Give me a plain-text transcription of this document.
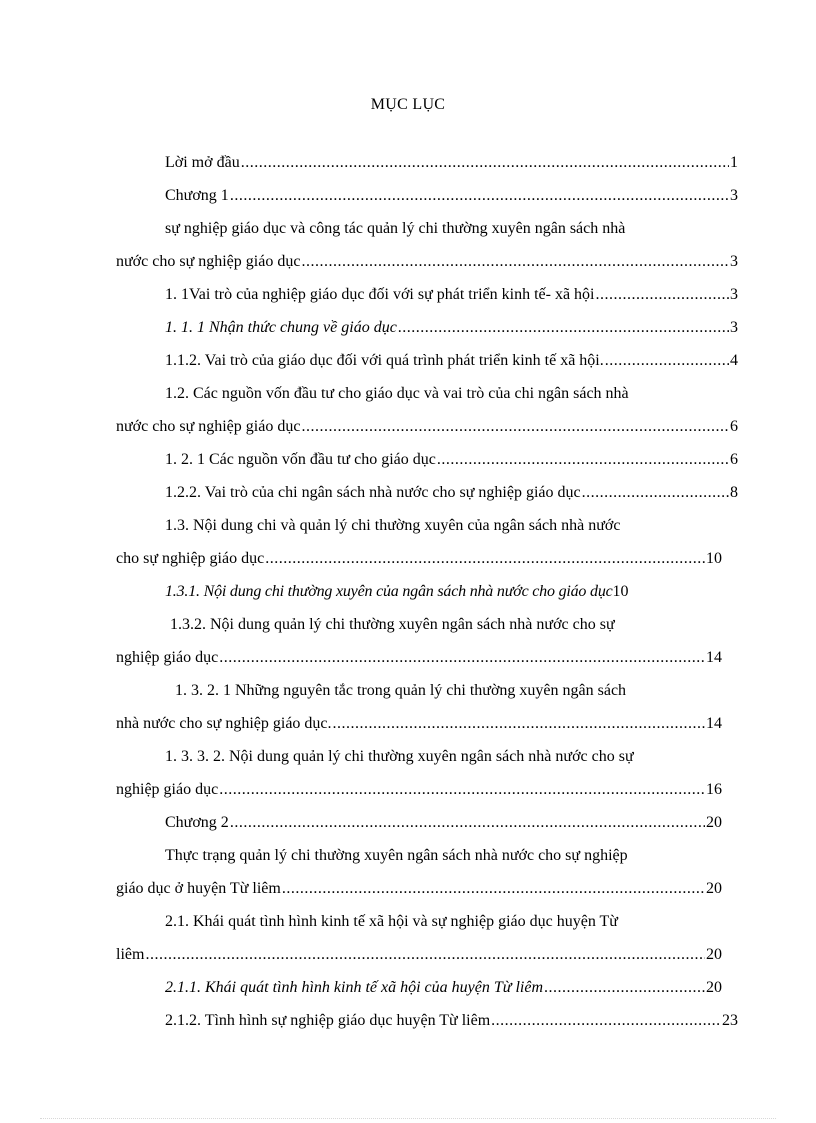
MỤC LỤC
Lời mở đầu .....	1
Chương 1 .....	3
sự nghiệp giáo dục và công tác quản lý chi thường xuyên ngân sách nhà
nước cho sự nghiệp giáo dục .....	3
1. 1Vai trò của nghiệp giáo dục đối với sự phát triển kinh tế- xã hội .....	3
1. 1. 1 Nhận thức chung về giáo dục .....	3
1.1.2. Vai trò của giáo dục đối với quá trình phát triển kinh tế xã hội. .....	4
1.2. Các nguồn vốn đầu tư cho giáo dục và vai trò của chi ngân sách nhà
nước cho sự nghiệp giáo dục .....	6
1. 2. 1 Các nguồn vốn đầu tư cho giáo dục .....	6
1.2.2. Vai trò của chi ngân sách nhà nước cho sự nghiệp giáo dục .....	8
1.3. Nội dung chi và quản lý chi thường xuyên của ngân sách nhà nước
cho sự nghiệp giáo dục .....	10
1.3.1. Nội dung chi thường xuyên của ngân sách nhà nước cho giáo dục 10
1.3.2. Nội dung quản lý chi thường xuyên ngân sách nhà nước cho sự
nghiệp giáo dục .....	14
1. 3. 2. 1 Những nguyên tắc trong quản lý chi thường xuyên ngân sách
nhà nước cho sự nghiệp giáo dục. .....	14
1. 3. 3. 2. Nội dung quản lý chi thường xuyên ngân sách nhà nước cho sự
nghiệp giáo dục .....	16
Chương 2 .....	20
Thực trạng quản lý chi thường xuyên ngân sách nhà nước cho sự nghiệp
giáo dục ở huyện Từ liêm .....	20
2.1. Khái quát tình hình kinh tế xã hội và sự nghiệp giáo dục huyện Từ
liêm .....	20
2.1.1. Khái quát tình hình kinh tế xã hội của huyện Từ liêm .....	20
2.1.2. Tình hình sự nghiệp giáo dục huyện Từ liêm .....	23
